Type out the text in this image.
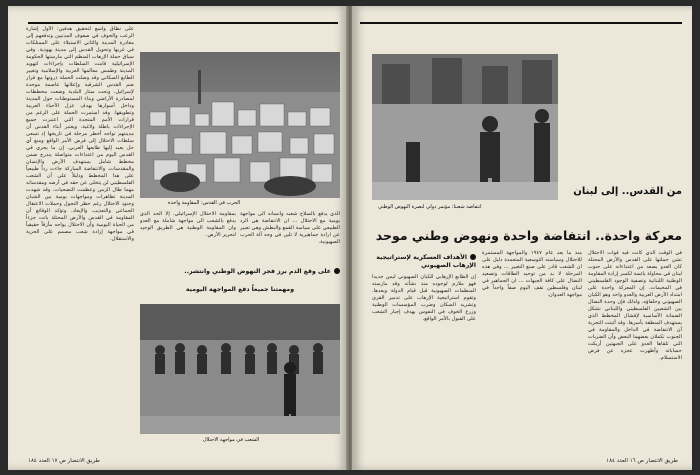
على نطاق واسع لتحقيق هدفين: الأول إشارة الرعب والخوف في صفوف المدنيين وتدفعهم إلى مغادرة المدينة والثاني الاستيلاء على الممتلكات في غربها وتحويل القدس إلى مدينة يهودية. وفي سياق حملة الإرهاب المنظم التي مارستها الحكومة الإسرائيلية قامت السلطات بإجراءات لتهويد المدينة وطمس معالمها العربية والإسلامية وتغيير الطابع السكاني وقد وصلت الحملة ذروتها مع قرار ضم القدس الشرقية وإعلانها عاصمة موحدة لإسرائيل. وتحت ستار البلدية وضعت مخططات لمصادرة الأراضي وبناء المستوطنات حول المدينة وداخل أسوارها بهدف عزل الأحياء العربية وتطويقها. وقد استمرت الحملة على الرغم من قرارات الأمم المتحدة التي اعتبرت جميع الإجراءات باطلة ولاغية. ويعتبر أبناء القدس أن مدينتهم تواجه أخطر مرحلة في تاريخها إذ تسعى سلطات الاحتلال إلى فرض الأمر الواقع ومنع أي حل يعيد إليها طابعها العربي. إن ما يجري في القدس اليوم من اعتداءات متواصلة يندرج ضمن مخطط شامل يستهدف الأرض والإنسان والمقدسات. والانتفاضة المباركة جاءت رداً طبيعياً على هذا المخطط ودليلاً على أن الشعب الفلسطيني لن يتخلى عن حقه في أرضه ومقدساته مهما طال الزمن وعظمت التضحيات. وقد شهدت المدينة تظاهرات ومواجهات يومية بين الشبان وجنود الاحتلال رغم حظر التجول وحملات الاعتقال الجماعي والتعذيب والإبعاد. وتؤكد الوقائع أن المقاومة في القدس والأرض المحتلة باتت جزءاً من الحياة اليومية وأن الاحتلال يواجه مأزقاً حقيقياً في مواجهة إرادة شعب مصمم على الحرية والاستقلال.
الحرب في القدس: المقاومة واحدة
الذي يدفع بالسلاح شعبه وانسانه الى مواجهة يومية مع الاحتلال ... ان الانتفاضة هي الرد الطبيعي على سياسة القمع والبطش وهي تعبير عن ارادة جماهيرية لا تلين في وجه آلة الحرب الصهيونية.
بمقاومة الاحتلال الإسرائيلي. إلا الحد الذي يدفع بالشعب الى مواجهة شاملة مع العدو وان المقاومة الوطنية هي الطريق الوحيد لتحرير الأرض.
على وقع الدم برز فجر النهوض الوطني وانتشر..
ومهمتنا جميعاً دفع المواجهة اليومية
الشعب في مواجهة الاحتلال
طريق الانتصار ص ١٧ العدد ١٨٤
انتفاضة شعبنا: مؤتمر دولي لنصرة النهوض الوطني
من القدس.. إلى لبنان
معركة واحدة.. انتفاضة واحدة ونهوض وطني موحد
في الوقت الذي كانت فيه قوات الاحتلال تشن حملتها على القدس والأرض المحتلة كان العدو يصعد من اعتداءاته على جنوب لبنان في محاولة يائسة لكسر إرادة المقاومة الوطنية اللبنانية وتصفية الوجود الفلسطيني في المخيمات. إن المعركة واحدة على امتداد الأرض العربية والعدو واحد وهو الكيان الصهيوني وحلفاؤه. ولذلك فإن وحدة النضال بين الشعبين الفلسطيني واللبناني تشكل الضمانة الأساسية لإفشال المخطط الذي يستهدف المنطقة بأسرها. وقد أثبتت التجربة أن الانتفاضة في الداخل والمقاومة في الجنوب تكملان بعضهما البعض وأن الضربات التي تلقاها العدو على الجبهتين أربكت حساباته وأظهرت عجزه عن فرض الاستسلام.
منذ ما بعد عام ١٩٤٧ والمواجهة المستمرة للاحتلال وسياسته التوسعية المتعمدة دليل على ان الشعب قادر على صنع التغيير ... وفي هذه المرحلة لا بد من توحيد الطاقات وتصعيد النضال على كافة الجبهات ... ان الجماهير في لبنان وفلسطين تقف اليوم صفاً واحداً في مواجهة العدوان.
الأهداف العسكرية لإستراتيجية الإرهاب الصهيوني
إن الطابع الإرهابي للكيان الصهيوني ليس جديداً فهو ملازم لوجوده منذ نشأته وقد مارسته المنظمات الصهيونية قبل قيام الدولة وبعدها. وتقوم استراتيجية الإرهاب على تدمير القرى وتشريد السكان وضرب المؤسسات الوطنية وزرع الخوف في النفوس بهدف إجبار الشعب على القبول بالأمر الواقع.
طريق الانتصار ص ١٦ العدد ١٨٤
